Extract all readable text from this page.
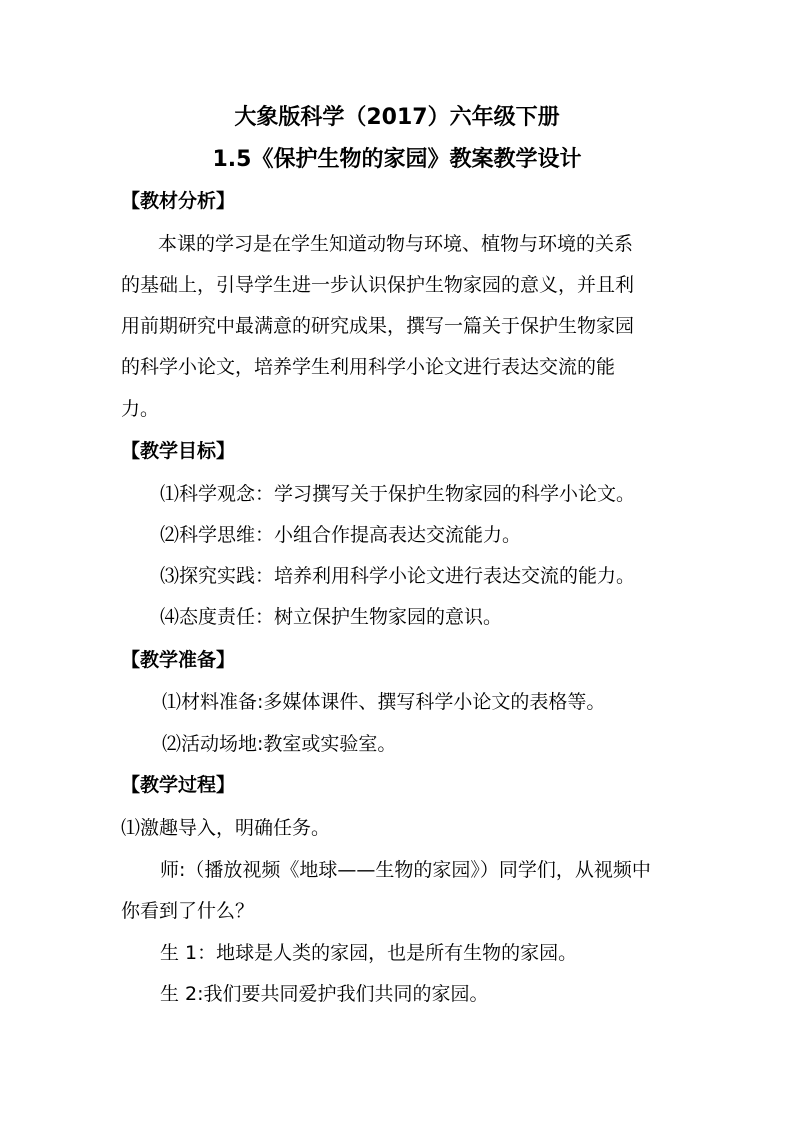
大象版科学（2017）六年级下册
1.5《保护生物的家园》教案教学设计
【教材分析】
本课的学习是在学生知道动物与环境、植物与环境的关系
的基础上，引导学生进一步认识保护生物家园的意义，并且利
用前期研究中最满意的研究成果，撰写一篇关于保护生物家园
的科学小论文，培养学生利用科学小论文进行表达交流的能
力。
【教学目标】
⑴科学观念：学习撰写关于保护生物家园的科学小论文。
⑵科学思维：小组合作提高表达交流能力。
⑶探究实践：培养利用科学小论文进行表达交流的能力。
⑷态度责任：树立保护生物家园的意识。
【教学准备】
⑴材料准备:多媒体课件、撰写科学小论文的表格等。
⑵活动场地:教室或实验室。
【教学过程】
⑴激趣导入，明确任务。
师:（播放视频《地球——生物的家园》）同学们，从视频中
你看到了什么？
生 1：地球是人类的家园，也是所有生物的家园。
生 2:我们要共同爱护我们共同的家园。
